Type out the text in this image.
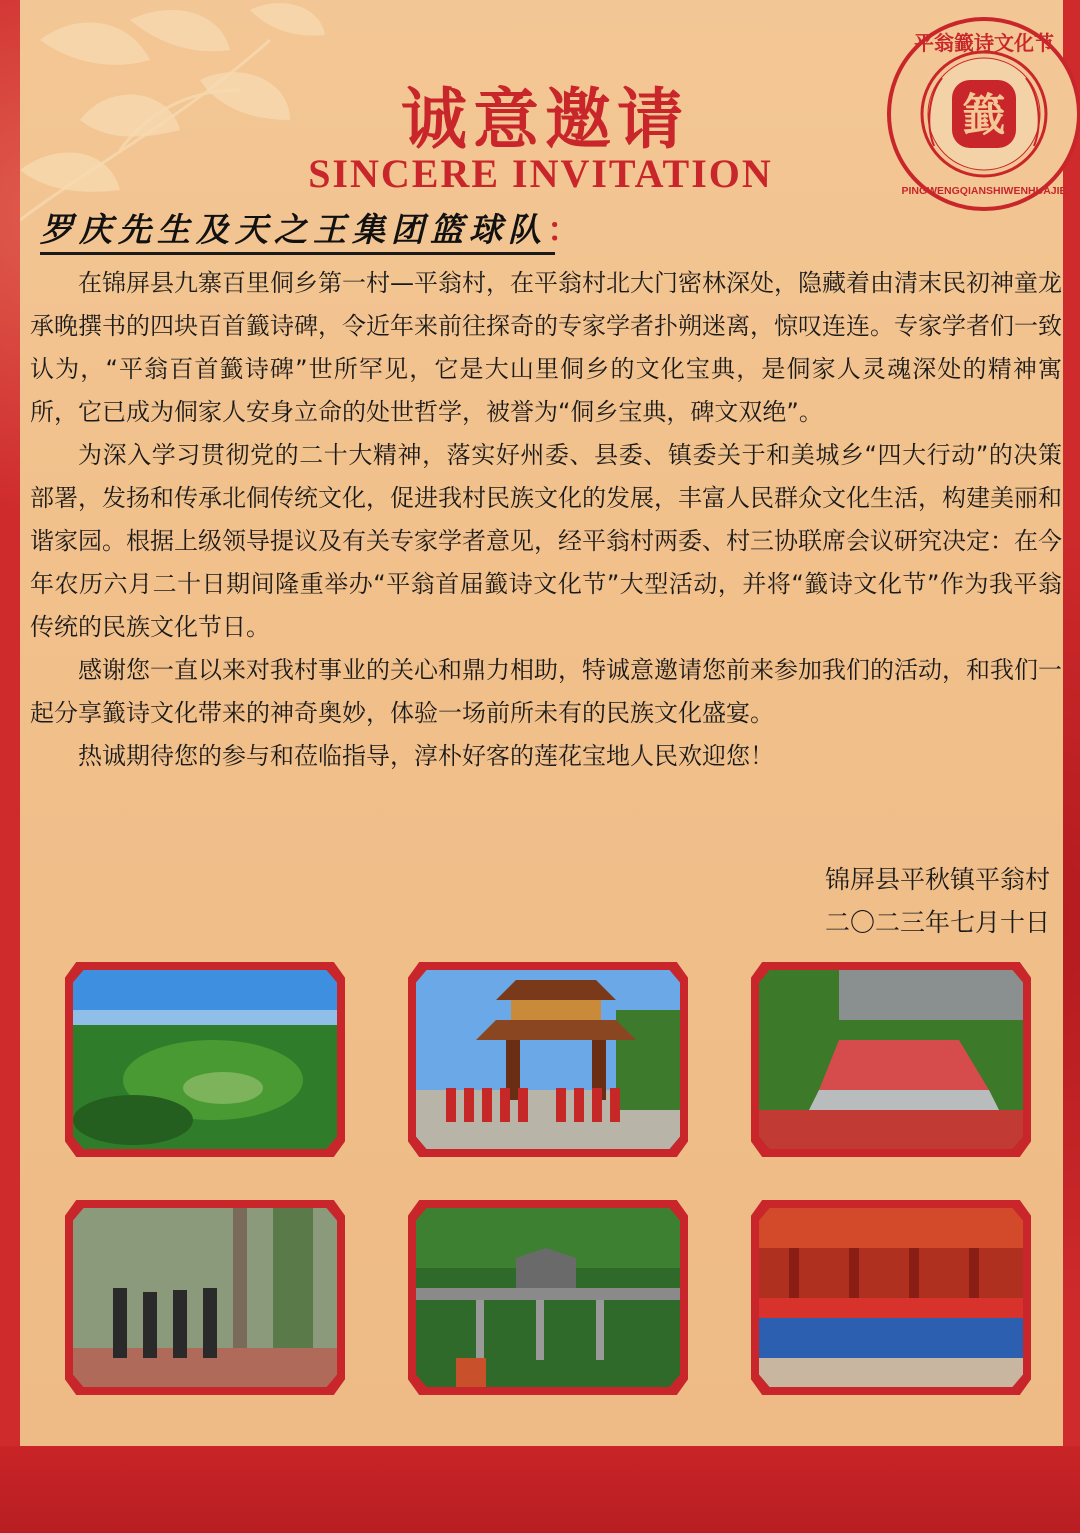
籖
平翁籖诗文化节
PINGWENGQIANSHIWENHUAJIE
诚意邀请
SINCERE INVITATION
罗庆先生及天之王集团篮球队：

在锦屏县九寨百里侗乡第一村—平翁村，在平翁村北大门密林深处，隐藏着由清末民初神童龙承晚撰书的四块百首籖诗碑，令近年来前往探奇的专家学者扑朔迷离，惊叹连连。专家学者们一致认为，“平翁百首籖诗碑”世所罕见，它是大山里侗乡的文化宝典，是侗家人灵魂深处的精神寓所，它已成为侗家人安身立命的处世哲学，被誉为“侗乡宝典，碑文双绝”。

为深入学习贯彻党的二十大精神，落实好州委、县委、镇委关于和美城乡“四大行动”的决策部署，发扬和传承北侗传统文化，促进我村民族文化的发展，丰富人民群众文化生活，构建美丽和谐家园。根据上级领导提议及有关专家学者意见，经平翁村两委、村三协联席会议研究决定：在今年农历六月二十日期间隆重举办“平翁首届籖诗文化节”大型活动，并将“籖诗文化节”作为我平翁传统的民族文化节日。

感谢您一直以来对我村事业的关心和鼎力相助，特诚意邀请您前来参加我们的活动，和我们一起分享籖诗文化带来的神奇奥妙，体验一场前所未有的民族文化盛宴。

热诚期待您的参与和莅临指导，淳朴好客的莲花宝地人民欢迎您！

锦屏县平秋镇平翁村
二〇二三年七月十日
